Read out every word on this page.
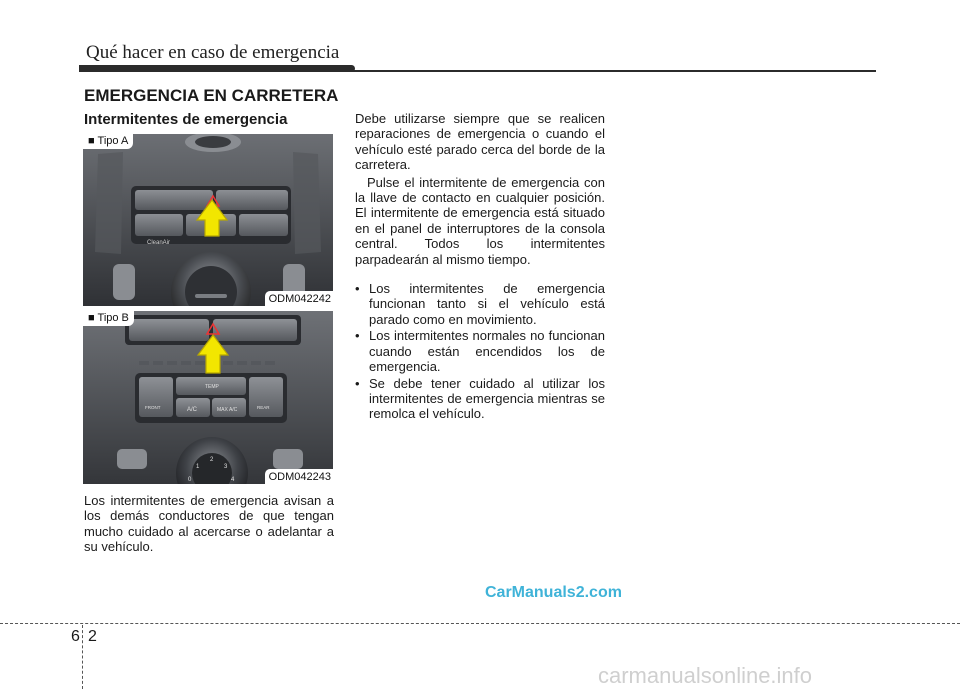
Qué hacer en caso de emergencia
EMERGENCIA EN CARRETERA
Intermitentes de emergencia
CleanAir
■ Tipo A
ODM042242
TEMP
FRONT	A/C	MAX A/C	REAR
0
1
2
3
4
■ Tipo B
ODM042243

Los intermitentes de emergencia avisan a los demás conductores de que tengan mucho cuidado al acercarse o adelantar a su vehículo.

Debe utilizarse siempre que se realicen reparaciones de emergencia o cuando el vehículo esté parado cerca del borde de la carretera.

Pulse el intermitente de emergencia con la llave de contacto en cualquier posición. El intermitente de emergencia está situado en el panel de interruptores de la consola central. Todos los intermitentes parpadearán al mismo tiempo.

• Los intermitentes de emergencia funcionan tanto si el vehículo está parado como en movimiento.
• Los intermitentes normales no funcionan cuando están encendidos los de emergencia.
• Se debe tener cuidado al utilizar los intermitentes de emergencia mientras se remolca el vehículo.
CarManuals2.com
6 2
carmanualsonline.info
